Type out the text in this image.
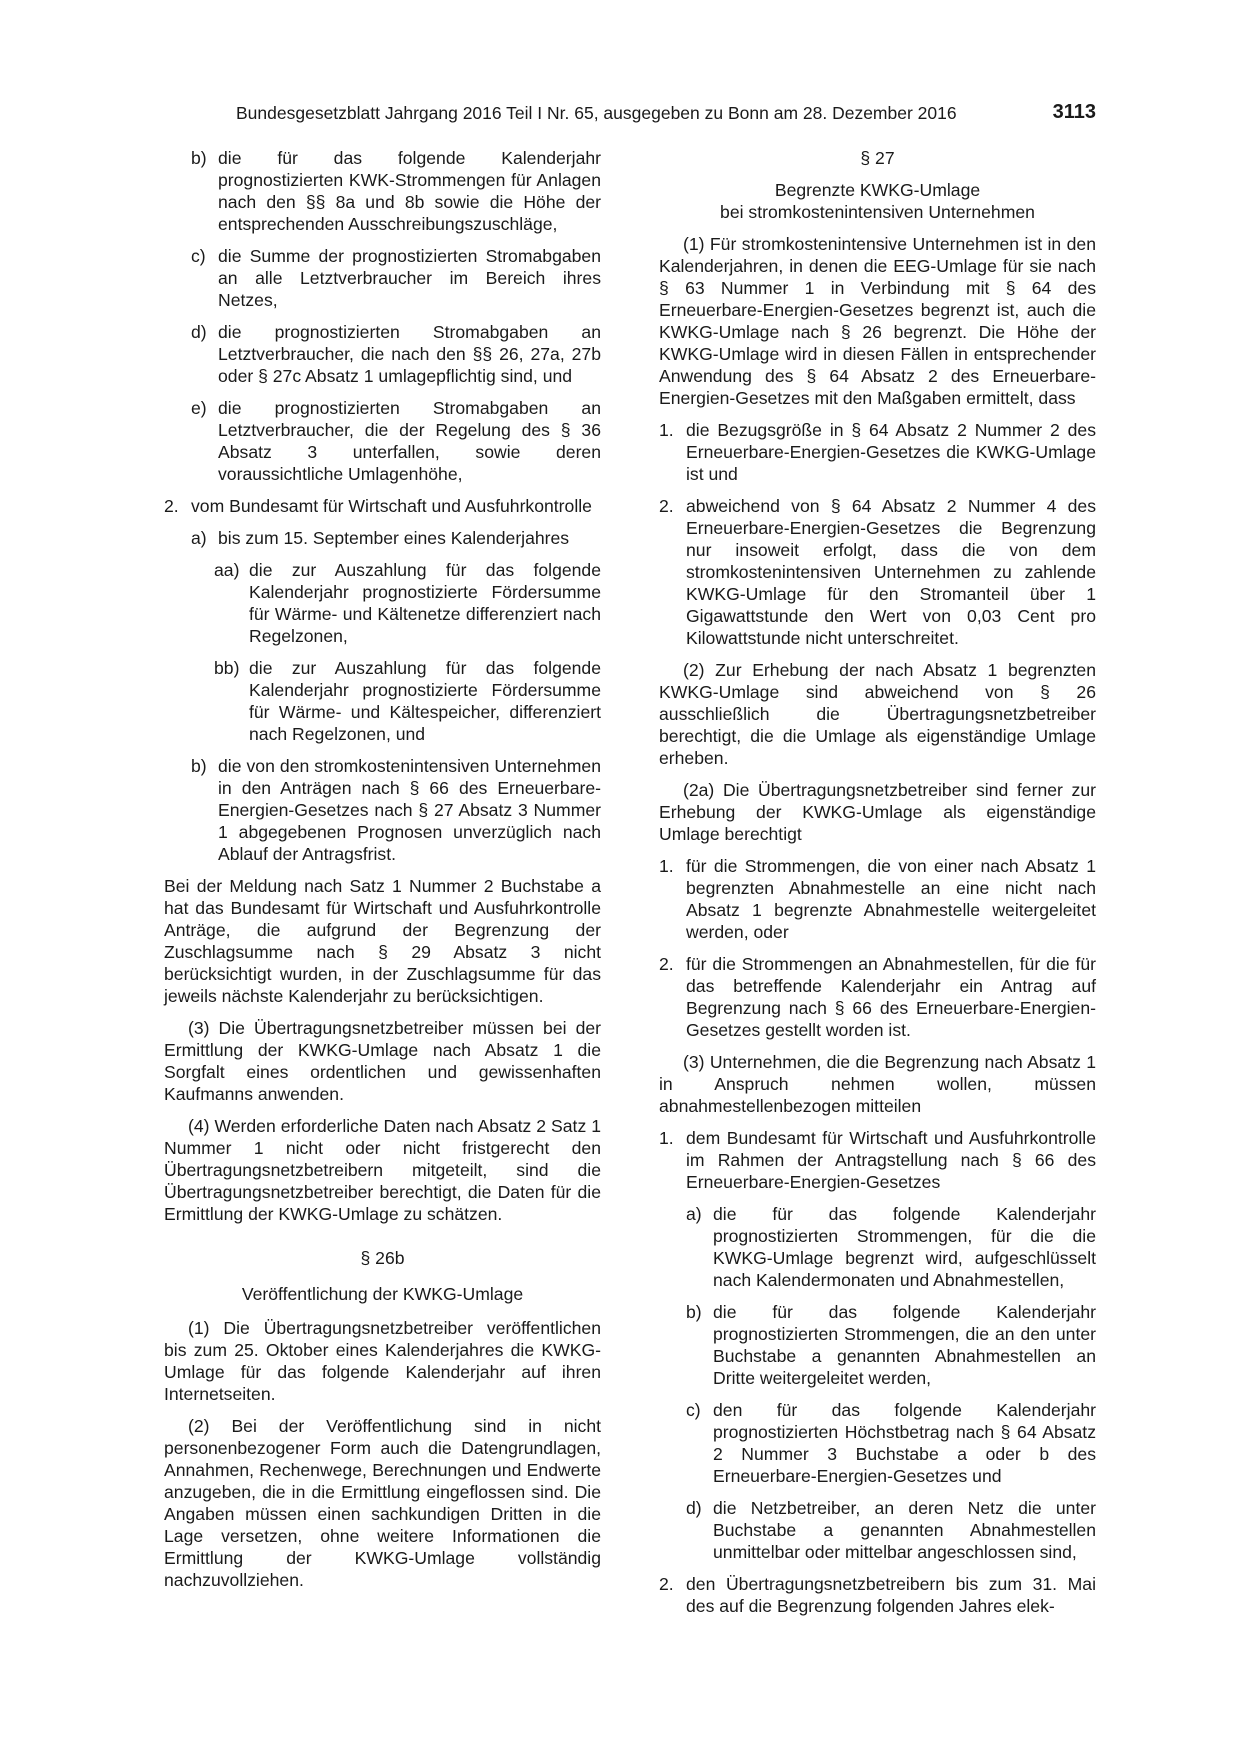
Bundesgesetzblatt Jahrgang 2016 Teil I Nr. 65, ausgegeben zu Bonn am 28. Dezember 2016	3113
b) die für das folgende Kalenderjahr prognostizierten KWK-Strommengen für Anlagen nach den §§ 8a und 8b sowie die Höhe der entsprechenden Ausschreibungszuschläge,
c) die Summe der prognostizierten Stromabgaben an alle Letztverbraucher im Bereich ihres Netzes,
d) die prognostizierten Stromabgaben an Letztverbraucher, die nach den §§ 26, 27a, 27b oder § 27c Absatz 1 umlagepflichtig sind, und
e) die prognostizierten Stromabgaben an Letztverbraucher, die der Regelung des § 36 Absatz 3 unterfallen, sowie deren voraussichtliche Umlagenhöhe,
2. vom Bundesamt für Wirtschaft und Ausfuhrkontrolle
a) bis zum 15. September eines Kalenderjahres
aa) die zur Auszahlung für das folgende Kalenderjahr prognostizierte Fördersumme für Wärme- und Kältenetze differenziert nach Regelzonen,
bb) die zur Auszahlung für das folgende Kalenderjahr prognostizierte Fördersumme für Wärme- und Kältespeicher, differenziert nach Regelzonen, und
b) die von den stromkostenintensiven Unternehmen in den Anträgen nach § 66 des Erneuerbare-Energien-Gesetzes nach § 27 Absatz 3 Nummer 1 abgegebenen Prognosen unverzüglich nach Ablauf der Antragsfrist.

Bei der Meldung nach Satz 1 Nummer 2 Buchstabe a hat das Bundesamt für Wirtschaft und Ausfuhrkontrolle Anträge, die aufgrund der Begrenzung der Zuschlagsumme nach § 29 Absatz 3 nicht berücksichtigt wurden, in der Zuschlagsumme für das jeweils nächste Kalenderjahr zu berücksichtigen.

(3) Die Übertragungsnetzbetreiber müssen bei der Ermittlung der KWKG-Umlage nach Absatz 1 die Sorgfalt eines ordentlichen und gewissenhaften Kaufmanns anwenden.

(4) Werden erforderliche Daten nach Absatz 2 Satz 1 Nummer 1 nicht oder nicht fristgerecht den Übertragungsnetzbetreibern mitgeteilt, sind die Übertragungsnetzbetreiber berechtigt, die Daten für die Ermittlung der KWKG-Umlage zu schätzen.

§ 26b

Veröffentlichung der KWKG-Umlage

(1) Die Übertragungsnetzbetreiber veröffentlichen bis zum 25. Oktober eines Kalenderjahres die KWKG-Umlage für das folgende Kalenderjahr auf ihren Internetseiten.

(2) Bei der Veröffentlichung sind in nicht personenbezogener Form auch die Datengrundlagen, Annahmen, Rechenwege, Berechnungen und Endwerte anzugeben, die in die Ermittlung eingeflossen sind. Die Angaben müssen einen sachkundigen Dritten in die Lage versetzen, ohne weitere Informationen die Ermittlung der KWKG-Umlage vollständig nachzuvollziehen.

§ 27

Begrenzte KWKG-Umlage

bei stromkostenintensiven Unternehmen

(1) Für stromkostenintensive Unternehmen ist in den Kalenderjahren, in denen die EEG-Umlage für sie nach § 63 Nummer 1 in Verbindung mit § 64 des Erneuerbare-Energien-Gesetzes begrenzt ist, auch die KWKG-Umlage nach § 26 begrenzt. Die Höhe der KWKG-Umlage wird in diesen Fällen in entsprechender Anwendung des § 64 Absatz 2 des Erneuerbare-Energien-Gesetzes mit den Maßgaben ermittelt, dass

1. die Bezugsgröße in § 64 Absatz 2 Nummer 2 des Erneuerbare-Energien-Gesetzes die KWKG-Umlage ist und
2. abweichend von § 64 Absatz 2 Nummer 4 des Erneuerbare-Energien-Gesetzes die Begrenzung nur insoweit erfolgt, dass die von dem stromkostenintensiven Unternehmen zu zahlende KWKG-Umlage für den Stromanteil über 1 Gigawattstunde den Wert von 0,03 Cent pro Kilowattstunde nicht unterschreitet.

(2) Zur Erhebung der nach Absatz 1 begrenzten KWKG-Umlage sind abweichend von § 26 ausschließlich die Übertragungsnetzbetreiber berechtigt, die die Umlage als eigenständige Umlage erheben.

(2a) Die Übertragungsnetzbetreiber sind ferner zur Erhebung der KWKG-Umlage als eigenständige Umlage berechtigt

1. für die Strommengen, die von einer nach Absatz 1 begrenzten Abnahmestelle an eine nicht nach Absatz 1 begrenzte Abnahmestelle weitergeleitet werden, oder
2. für die Strommengen an Abnahmestellen, für die für das betreffende Kalenderjahr ein Antrag auf Begrenzung nach § 66 des Erneuerbare-Energien-Gesetzes gestellt worden ist.

(3) Unternehmen, die die Begrenzung nach Absatz 1 in Anspruch nehmen wollen, müssen abnahmestellenbezogen mitteilen

1. dem Bundesamt für Wirtschaft und Ausfuhrkontrolle im Rahmen der Antragstellung nach § 66 des Erneuerbare-Energien-Gesetzes
a) die für das folgende Kalenderjahr prognostizierten Strommengen, für die die KWKG-Umlage begrenzt wird, aufgeschlüsselt nach Kalendermonaten und Abnahmestellen,
b) die für das folgende Kalenderjahr prognostizierten Strommengen, die an den unter Buchstabe a genannten Abnahmestellen an Dritte weitergeleitet werden,
c) den für das folgende Kalenderjahr prognostizierten Höchstbetrag nach § 64 Absatz 2 Nummer 3 Buchstabe a oder b des Erneuerbare-Energien-Gesetzes und
d) die Netzbetreiber, an deren Netz die unter Buchstabe a genannten Abnahmestellen unmittelbar oder mittelbar angeschlossen sind,
2. den Übertragungsnetzbetreibern bis zum 31. Mai des auf die Begrenzung folgenden Jahres elek-
